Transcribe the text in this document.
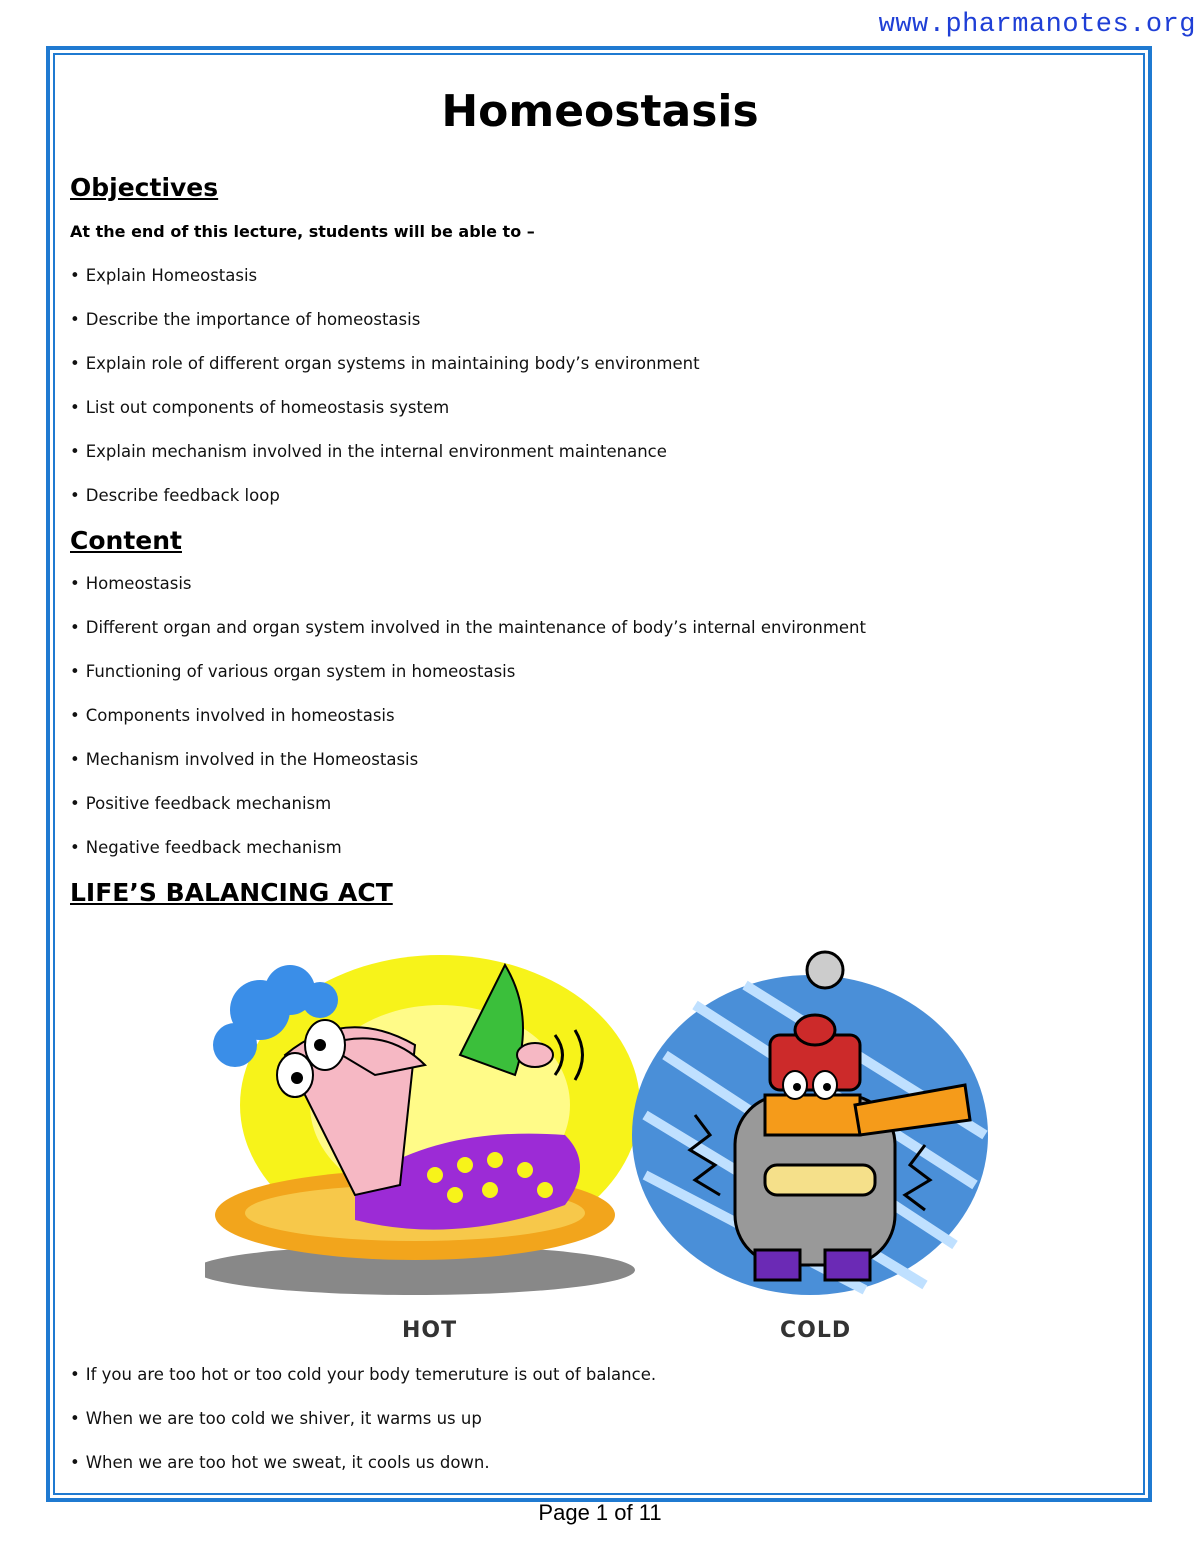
www.pharmanotes.org
Homeostasis
Objectives
At the end of this lecture, students will be able to –
• Explain Homeostasis
• Describe the importance of homeostasis
• Explain role of different organ systems in maintaining body’s environment
• List out components of homeostasis system
• Explain mechanism involved in the internal environment maintenance
• Describe feedback loop
Content
• Homeostasis
• Different organ and organ system involved in the maintenance of body’s internal environment
• Functioning of various organ system in homeostasis
• Components involved in homeostasis
• Mechanism involved in the Homeostasis
• Positive feedback mechanism
• Negative feedback mechanism
LIFE’S BALANCING ACT
HOT	COLD
• If you are too hot or too cold your body temeruture is out of balance.
• When we are too cold we shiver, it warms us up
• When we are too hot we sweat, it cools us down.
Page 1 of 11
